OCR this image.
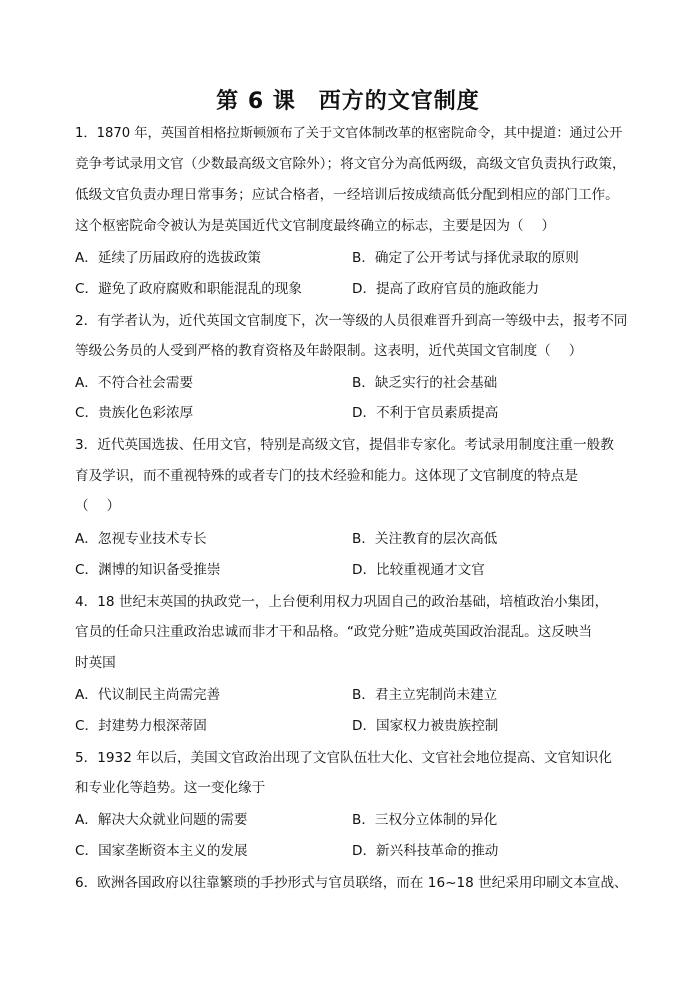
第 6 课　西方的文官制度
1．1870 年，英国首相格拉斯顿颁布了关于文官体制改革的枢密院命令，其中提道：通过公开
竞争考试录用文官（少数最高级文官除外）；将文官分为高低两级，高级文官负责执行政策，
低级文官负责办理日常事务；应试合格者，一经培训后按成绩高低分配到相应的部门工作。
这个枢密院命令被认为是英国近代文官制度最终确立的标志，主要是因为（　 ）
A．延续了历届政府的选拔政策	B．确定了公开考试与择优录取的原则
C．避免了政府腐败和职能混乱的现象	D．提高了政府官员的施政能力
2．有学者认为，近代英国文官制度下，次一等级的人员很难晋升到高一等级中去，报考不同
等级公务员的人受到严格的教育资格及年龄限制。这表明，近代英国文官制度（　 ）
A．不符合社会需要	B．缺乏实行的社会基础
C．贵族化色彩浓厚	D．不利于官员素质提高
3．近代英国选拔、任用文官，特别是高级文官，提倡非专家化。考试录用制度注重一般教
育及学识，而不重视特殊的或者专门的技术经验和能力。这体现了文官制度的特点是
（　 ）
A．忽视专业技术专长	B．关注教育的层次高低
C．渊博的知识备受推崇	D．比较重视通才文官
4．18 世纪末英国的执政党一，上台便利用权力巩固自己的政治基础，培植政治小集团，
官员的任命只注重政治忠诚而非才干和品格。“政党分赃”造成英国政治混乱。这反映当
时英国
A．代议制民主尚需完善	B．君主立宪制尚未建立
C．封建势力根深蒂固	D．国家权力被贵族控制
5．1932 年以后，美国文官政治出现了文官队伍壮大化、文官社会地位提高、文官知识化
和专业化等趋势。这一变化缘于
A．解决大众就业问题的需要	B．三权分立体制的异化
C．国家垄断资本主义的发展	D．新兴科技革命的推动
6．欧洲各国政府以往靠繁琐的手抄形式与官员联络，而在 16~18 世纪采用印刷文本宣战、
